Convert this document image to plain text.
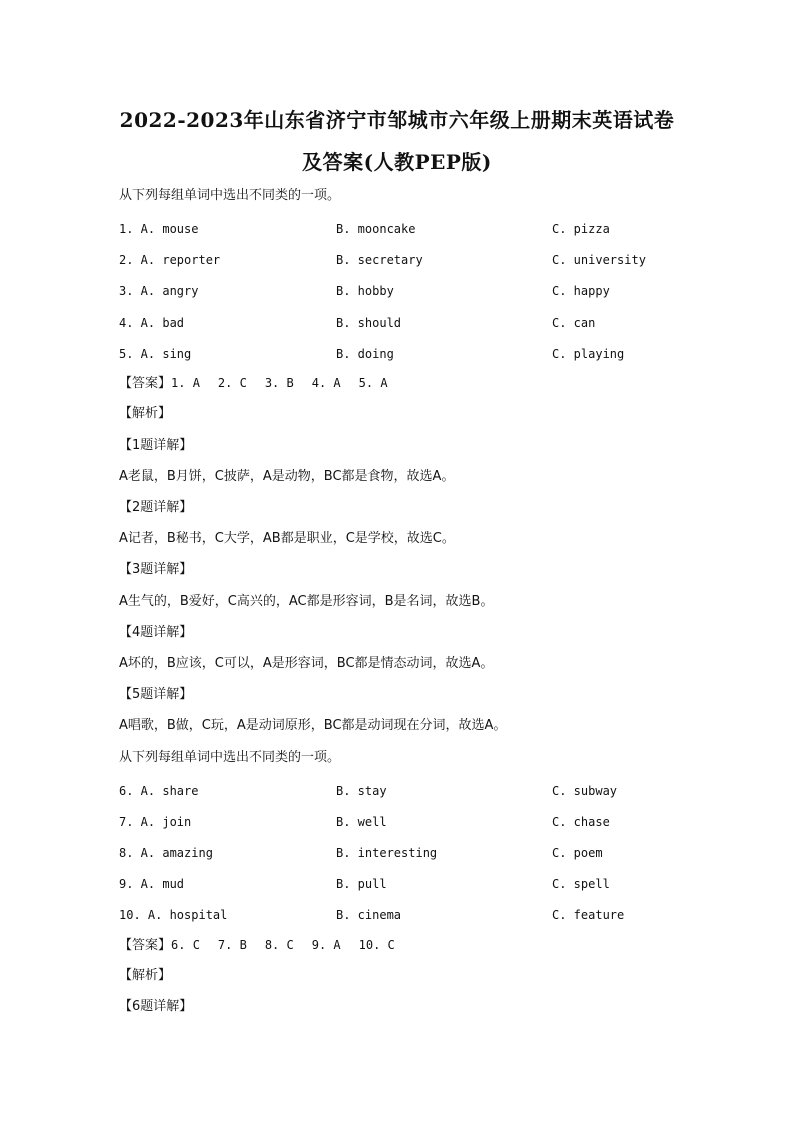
2022-2023年山东省济宁市邹城市六年级上册期末英语试卷
及答案(人教PEP版)
从下列每组单词中选出不同类的一项。
1. A. mouse	B. mooncake	C. pizza
2. A. reporter	B. secretary	C. university
3. A. angry	B. hobby	C. happy
4. A. bad	B. should	C. can
5. A. sing	B. doing	C. playing
【答案】1. A 2. C 3. B 4. A 5. A
【解析】
【1题详解】
A老鼠，B月饼，C披萨，A是动物，BC都是食物，故选A。
【2题详解】
A记者，B秘书，C大学，AB都是职业，C是学校，故选C。
【3题详解】
A生气的，B爱好，C高兴的，AC都是形容词，B是名词，故选B。
【4题详解】
A坏的，B应该，C可以，A是形容词，BC都是情态动词，故选A。
【5题详解】
A唱歌，B做，C玩，A是动词原形，BC都是动词现在分词，故选A。
从下列每组单词中选出不同类的一项。
6. A. share	B. stay	C. subway
7. A. join	B. well	C. chase
8. A. amazing	B. interesting	C. poem
9. A. mud	B. pull	C. spell
10. A. hospital	B. cinema	C. feature
【答案】6. C 7. B 8. C 9. A 10. C
【解析】
【6题详解】
